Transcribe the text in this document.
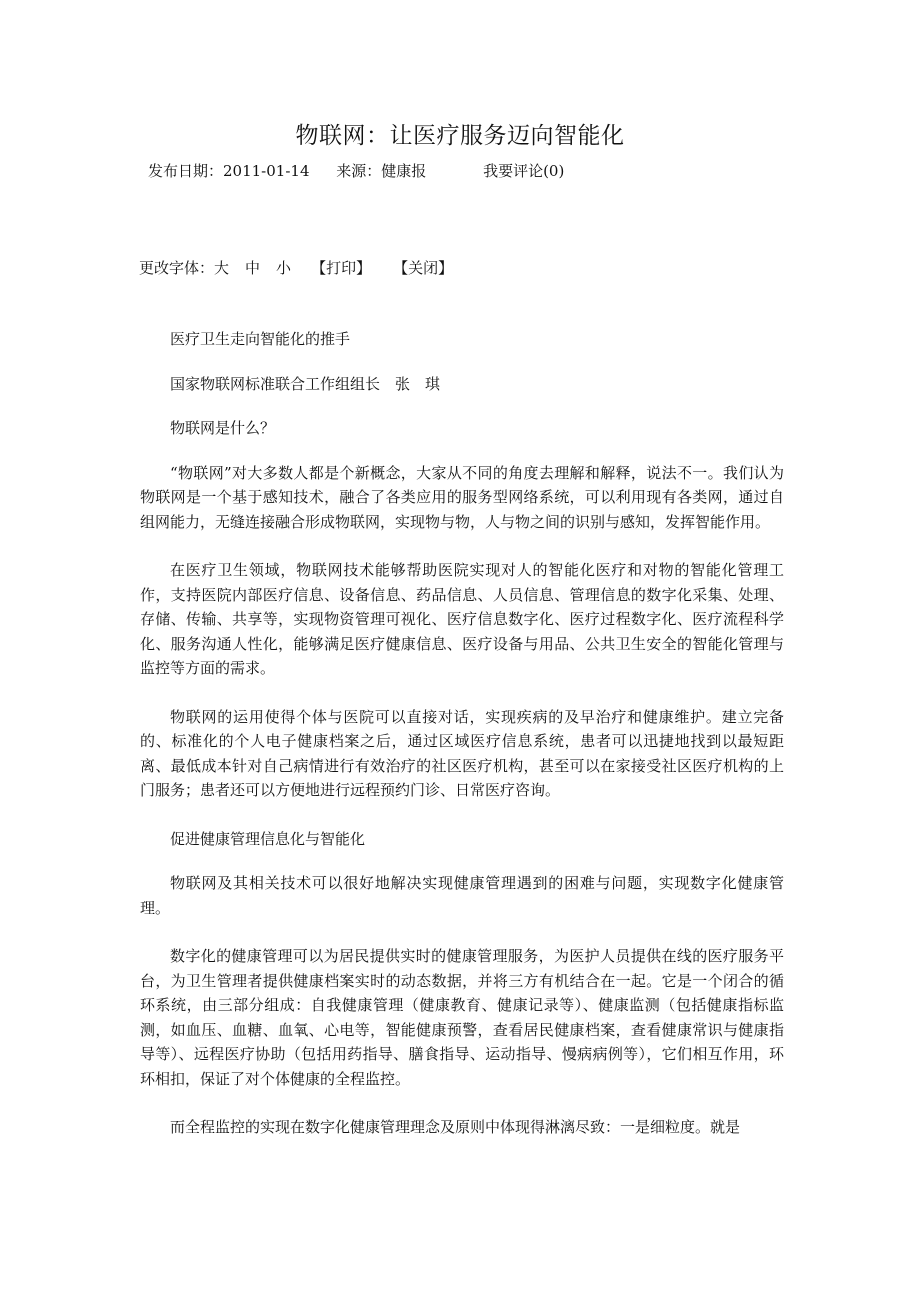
物联网：让医疗服务迈向智能化
发布日期：2011-01-14 来源：健康报	我要评论(0)
更改字体：大 中 小 【打印】 【关闭】

医疗卫生走向智能化的推手

国家物联网标准联合工作组组长　张　琪

物联网是什么？

“物联网”对大多数人都是个新概念，大家从不同的角度去理解和解释，说法不一。我们认为物联网是一个基于感知技术，融合了各类应用的服务型网络系统，可以利用现有各类网，通过自组网能力，无缝连接融合形成物联网，实现物与物，人与物之间的识别与感知，发挥智能作用。

在医疗卫生领域，物联网技术能够帮助医院实现对人的智能化医疗和对物的智能化管理工作，支持医院内部医疗信息、设备信息、药品信息、人员信息、管理信息的数字化采集、处理、存储、传输、共享等，实现物资管理可视化、医疗信息数字化、医疗过程数字化、医疗流程科学化、服务沟通人性化，能够满足医疗健康信息、医疗设备与用品、公共卫生安全的智能化管理与监控等方面的需求。

物联网的运用使得个体与医院可以直接对话，实现疾病的及早治疗和健康维护。建立完备的、标准化的个人电子健康档案之后，通过区域医疗信息系统，患者可以迅捷地找到以最短距离、最低成本针对自己病情进行有效治疗的社区医疗机构，甚至可以在家接受社区医疗机构的上门服务；患者还可以方便地进行远程预约门诊、日常医疗咨询。

促进健康管理信息化与智能化

物联网及其相关技术可以很好地解决实现健康管理遇到的困难与问题，实现数字化健康管理。

数字化的健康管理可以为居民提供实时的健康管理服务，为医护人员提供在线的医疗服务平台，为卫生管理者提供健康档案实时的动态数据，并将三方有机结合在一起。它是一个闭合的循环系统，由三部分组成：自我健康管理（健康教育、健康记录等）、健康监测（包括健康指标监测，如血压、血糖、血氧、心电等，智能健康预警，查看居民健康档案，查看健康常识与健康指导等）、远程医疗协助（包括用药指导、膳食指导、运动指导、慢病病例等），它们相互作用，环环相扣，保证了对个体健康的全程监控。

而全程监控的实现在数字化健康管理理念及原则中体现得淋漓尽致：一是细粒度。就是
